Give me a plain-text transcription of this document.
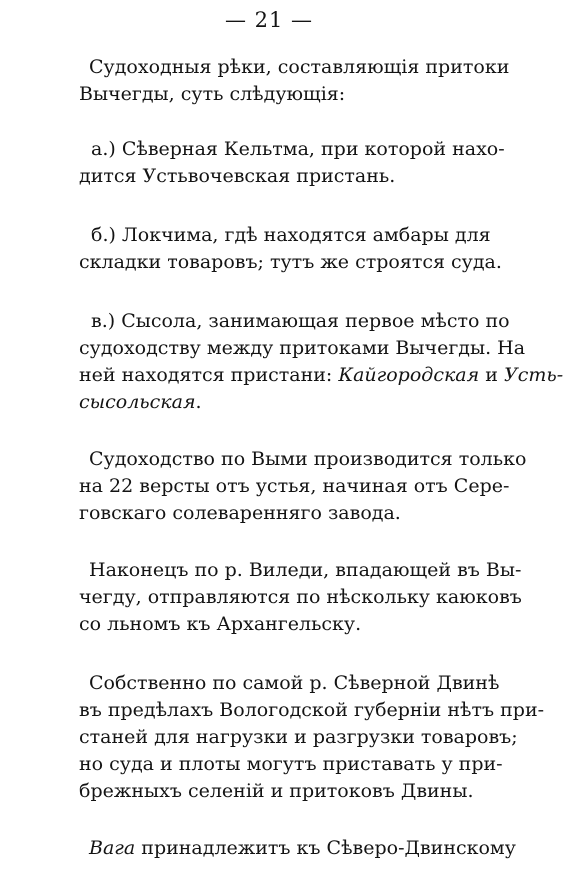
— 21 —
Судоходныя рѣки, составляющія притоки
Вычегды, суть слѣдующія:
а.) Сѣверная Кельтма, при которой нахо-
дится Устьвочевская пристань.
б.) Локчима, гдѣ находятся амбары для
складки товаровъ; тутъ же строятся суда.
в.) Сысола, занимающая первое мѣсто по
судоходству между притоками Вычегды. На
ней находятся пристани: Кайгородская и Усть-
сысольская.
Судоходство по Выми производится только
на 22 версты отъ устья, начиная отъ Сере-
говскаго солеваренняго завода.
Наконецъ по р. Виледи, впадающей въ Вы-
чегду, отправляются по нѣскольку каюковъ
со льномъ къ Архангельску.
Собственно по самой р. Сѣверной Двинѣ
въ предѣлахъ Вологодской губерніи нѣтъ при-
станей для нагрузки и разгрузки товаровъ;
но суда и плоты могутъ приставать у при-
брежныхъ селеній и притоковъ Двины.
Вага принадлежитъ къ Сѣверо-Двинскому
